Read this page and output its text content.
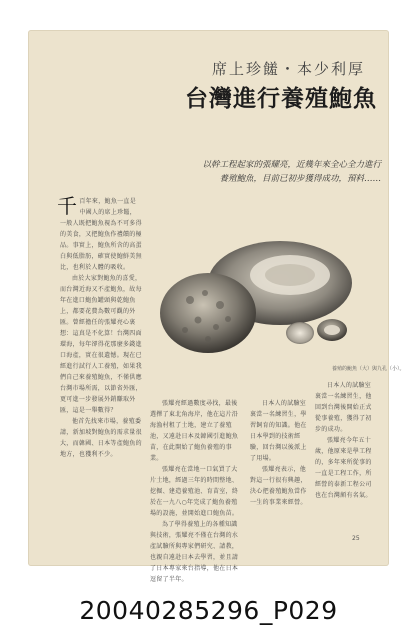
席上珍饈・本少利厚
台灣進行養殖鮑魚
以幹工程起家的張耀亮，近幾年來全心全力進行
養殖鮑魚，目前已初步獲得成功，預料……

千百年來，鮑魚一直是中國人的席上珍饈，一般人既把鮑魚視為不可多得的美食，又把鮑魚作禮饋的極品。事實上，鮑魚所含的高蛋白與低脂肪，確實使鮑鮮美無比，也利於人體的吸收。

由於大家對鮑魚的喜愛，而台灣近海又不產鮑魚，故每年在進口鮑魚罐頭與乾鮑魚上，都要花費為數可觀的外匯。曾經擔任的張耀亮心裏想：這真是不化算！台灣四面環海，每年卻得花那麼多錢進口海產，實在很遺憾。現在已經進行試行人工養殖，如果我們自己來養殖鮑魚，不僅供應台灣市場所需，以節省外匯，更可進一步發展外銷賺取外匯，這是一舉數得？

他首先找來市場，養殖委請，新加坡對鮑魚的需求量很大，而韓國、日本等產鮑魚的地方，也獲利不少。

養殖的鮑魚（大）與九孔（小）。

張耀亮經過數度尋找，最後選擇了東北角海岸，他在這片沿海漁村租了土地，建立了養殖池，又遠赴日本及韓國引進鮑魚苗，在此開始了鮑魚養殖的事業。

張耀亮在當地一口氣買了大片土地，經過三年的時間整地、挖掘、建造養殖池、育苗室，終於在一九八○年完成了鮑魚養殖場的設施，並開始進口鮑魚苗。

為了學得養殖上的各種知識與技術，張耀亮不僅在台灣的水產試驗所與專家們研究、請教，也親自遠赴日本去學習，並且請了日本專家來台指導，他在日本逗留了半年。

日本人的試驗室裏當一名練習生，學習飼育的知識。他在日本學到的技術經驗，回台灣以後派上了用場。

張耀亮表示，他對這一行很有興趣，決心把養殖鮑魚當作一生的事業來經營。

日本人的試驗室裏當一名練習生，他回到台灣後開始正式從事養殖，獲得了初步的成功。

張耀亮今年五十歲，他原來是學工程的，多年來所從事的一直是工程工作，所經營的泰新工程公司也在台灣頗有名氣。

25
20040285296_P029
